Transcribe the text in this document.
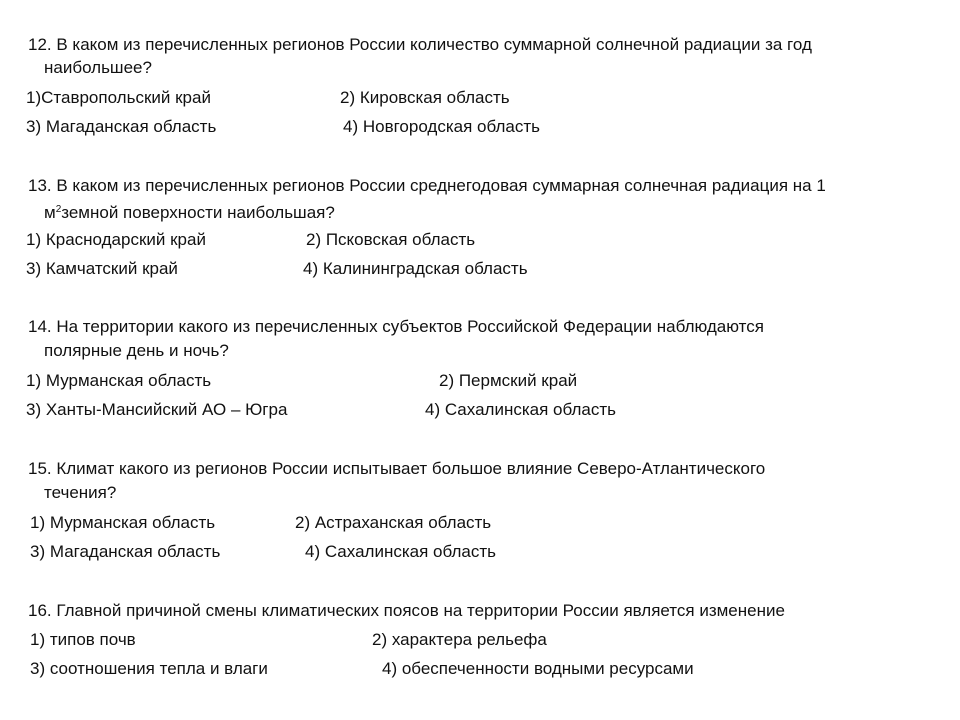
12. В каком из перечисленных регионов России количество суммарной солнечной радиации за год
наибольшее?
1)Ставропольский край	2) Кировская область
3) Магаданская область	4) Новгородская область
13. В каком из перечисленных регионов России среднегодовая суммарная солнечная радиация на 1
$м^2земной$ поверхности наибольшая?
1) Краснодарский край	2) Псковская область
3) Камчатский край	4) Калининградская область
14. На территории какого из перечисленных субъектов Российской Федерации наблюдаются
полярные день и ночь?
1) Мурманская область	2) Пермский край
3) Ханты-Мансийский АО – Югра	4) Сахалинская область
15. Климат какого из регионов России испытывает большое влияние Северо-Атлантического
течения?
1) Мурманская область	2) Астраханская область
3) Магаданская область	4) Сахалинская область
16. Главной причиной смены климатических поясов на территории России является изменение
1) типов почв	2) характера рельефа
3) соотношения тепла и влаги	4) обеспеченности водными ресурсами
